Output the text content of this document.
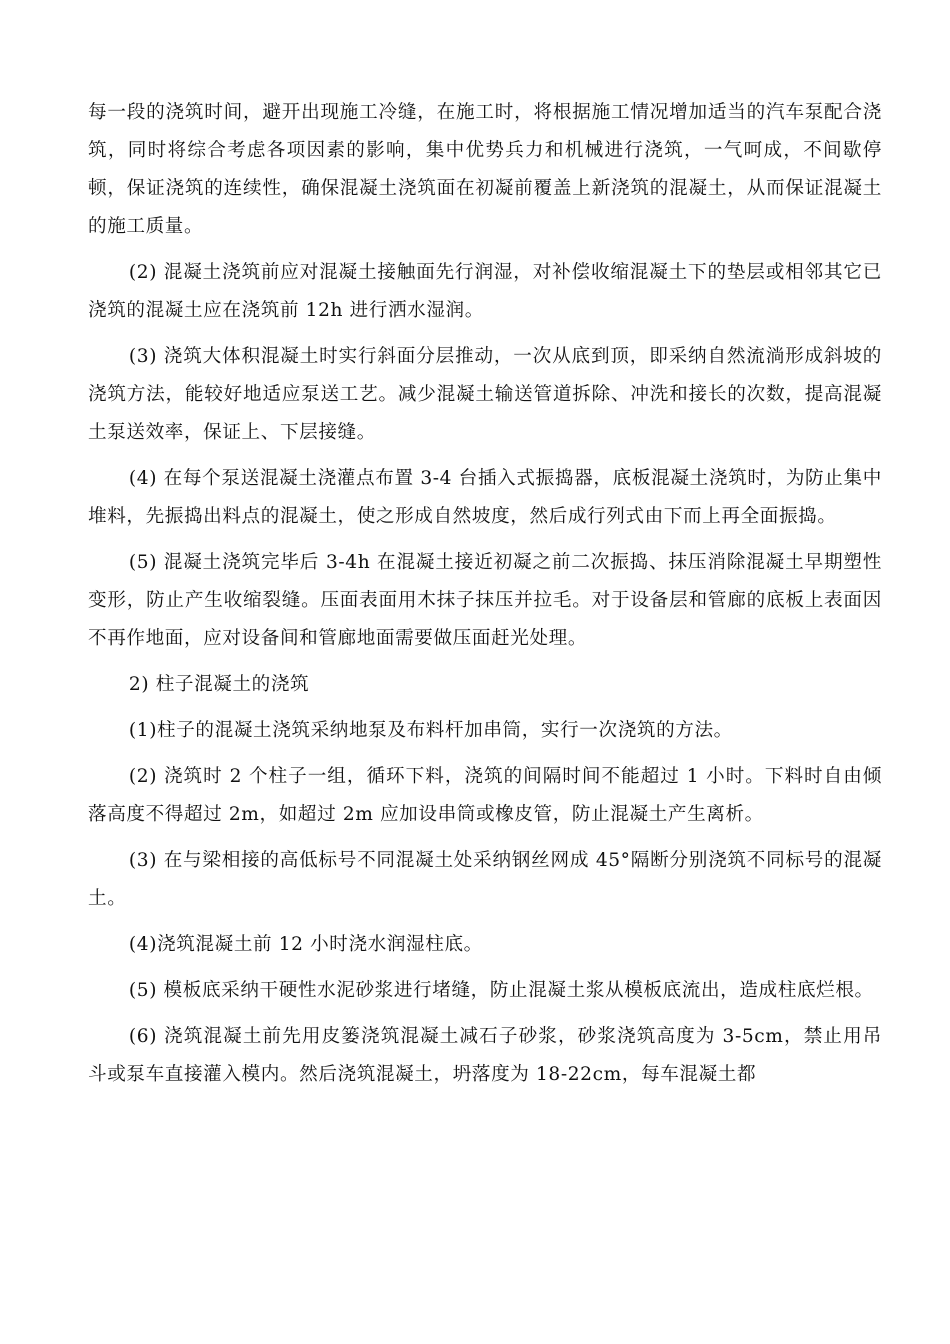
每一段的浇筑时间，避开出现施工冷缝，在施工时，将根据施工情况增加适当的汽车泵配合浇筑，同时将综合考虑各项因素的影响，集中优势兵力和机械进行浇筑，一气呵成，不间歇停顿，保证浇筑的连续性，确保混凝土浇筑面在初凝前覆盖上新浇筑的混凝土，从而保证混凝土的施工质量。

(2) 混凝土浇筑前应对混凝土接触面先行润湿，对补偿收缩混凝土下的垫层或相邻其它已浇筑的混凝土应在浇筑前 12h 进行洒水湿润。

(3) 浇筑大体积混凝土时实行斜面分层推动，一次从底到顶，即采纳自然流淌形成斜坡的浇筑方法，能较好地适应泵送工艺。减少混凝土输送管道拆除、冲洗和接长的次数，提高混凝土泵送效率，保证上、下层接缝。

(4) 在每个泵送混凝土浇灌点布置 3-4 台插入式振捣器，底板混凝土浇筑时，为防止集中堆料，先振捣出料点的混凝土，使之形成自然坡度，然后成行列式由下而上再全面振捣。

(5) 混凝土浇筑完毕后 3-4h 在混凝土接近初凝之前二次振捣、抹压消除混凝土早期塑性变形，防止产生收缩裂缝。压面表面用木抹子抹压并拉毛。对于设备层和管廊的底板上表面因不再作地面，应对设备间和管廊地面需要做压面赶光处理。

2) 柱子混凝土的浇筑

(1)柱子的混凝土浇筑采纳地泵及布料杆加串筒，实行一次浇筑的方法。

(2) 浇筑时 2 个柱子一组，循环下料，浇筑的间隔时间不能超过 1 小时。下料时自由倾落高度不得超过 2m，如超过 2m 应加设串筒或橡皮管，防止混凝土产生离析。

(3) 在与梁相接的高低标号不同混凝土处采纳钢丝网成 45°隔断分别浇筑不同标号的混凝土。

(4)浇筑混凝土前 12 小时浇水润湿柱底。

(5) 模板底采纳干硬性水泥砂浆进行堵缝，防止混凝土浆从模板底流出，造成柱底烂根。

(6) 浇筑混凝土前先用皮篓浇筑混凝土减石子砂浆，砂浆浇筑高度为 3-5cm，禁止用吊斗或泵车直接灌入模内。然后浇筑混凝土，坍落度为 18-22cm，每车混凝土都
